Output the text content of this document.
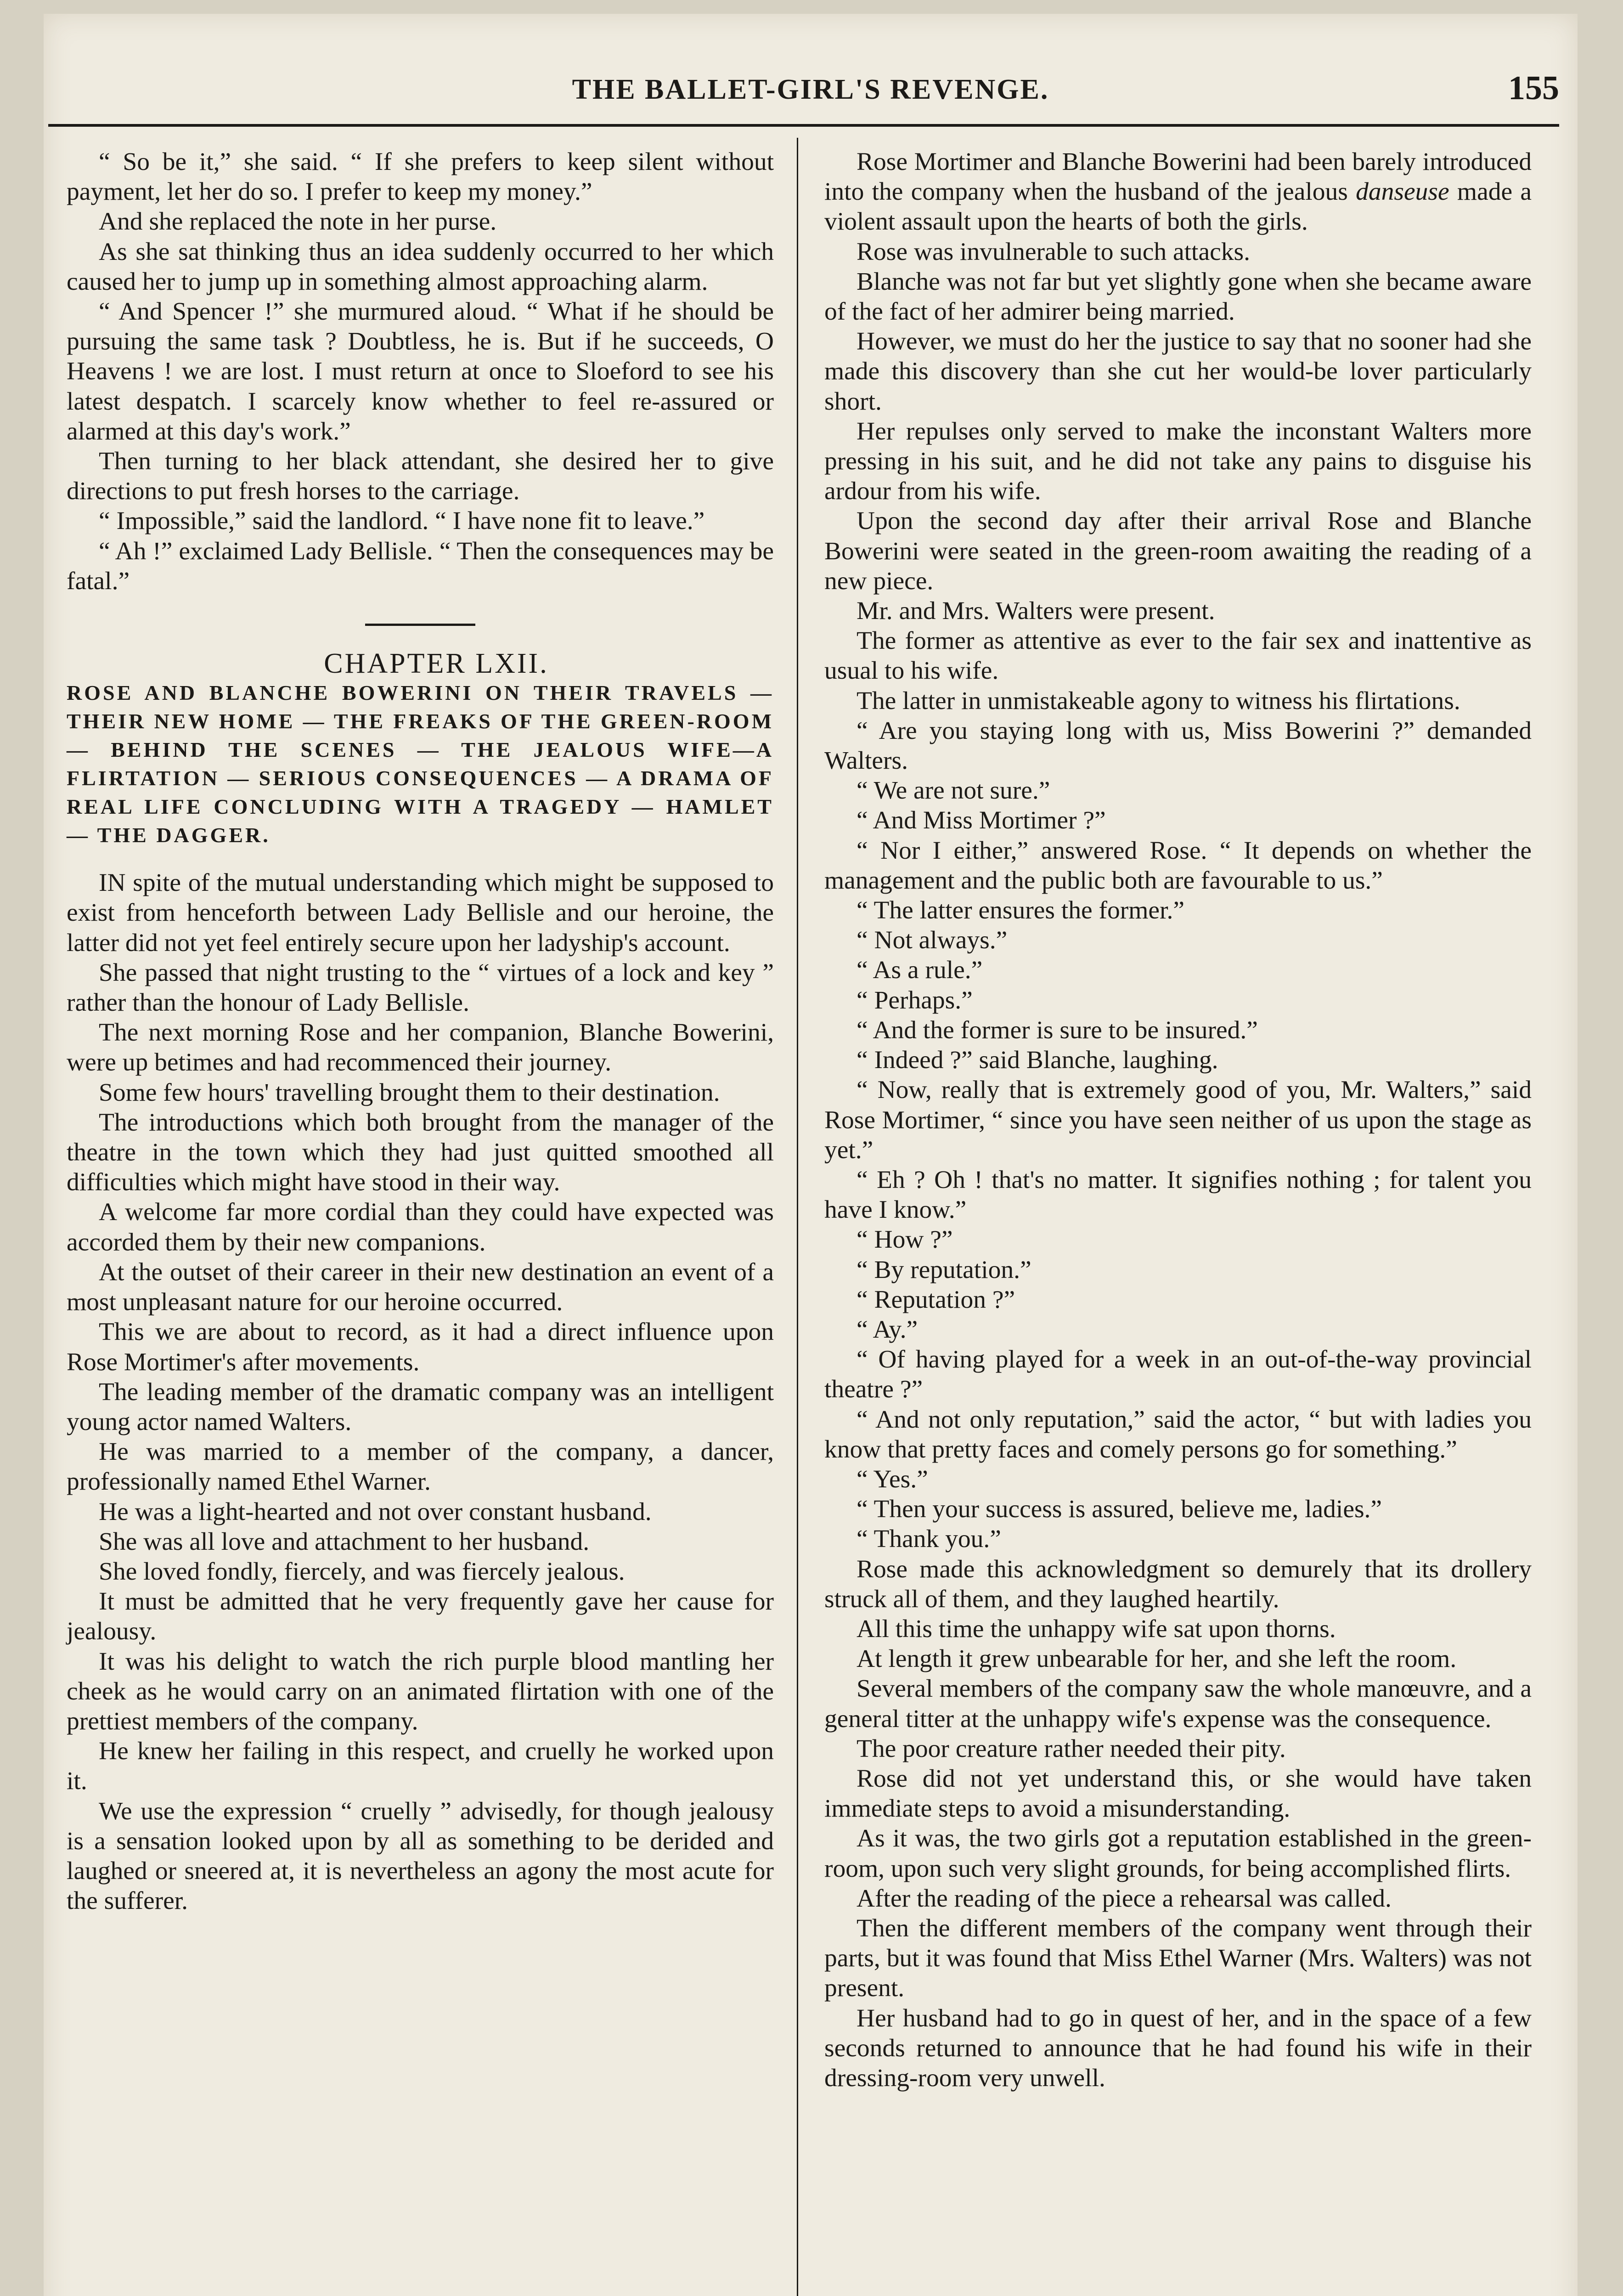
THE BALLET-GIRL'S REVENGE.	155

“ So be it,” she said. “ If she prefers to keep silent without payment, let her do so. I prefer to keep my money.”

And she replaced the note in her purse.

As she sat thinking thus an idea suddenly occurred to her which caused her to jump up in something almost approaching alarm.

“ And Spencer !” she murmured aloud. “ What if he should be pursuing the same task ? Doubtless, he is. But if he succeeds, O Heavens ! we are lost. I must return at once to Sloeford to see his latest despatch. I scarcely know whether to feel re-assured or alarmed at this day's work.”

Then turning to her black attendant, she desired her to give directions to put fresh horses to the carriage.

“ Impossible,” said the landlord. “ I have none fit to leave.”

“ Ah !” exclaimed Lady Bellisle. “ Then the consequences may be fatal.”

CHAPTER LXII.

ROSE AND BLANCHE BOWERINI ON THEIR TRAVELS — THEIR NEW HOME — THE FREAKS OF THE GREEN-ROOM — BEHIND THE SCENES — THE JEALOUS WIFE—A FLIRTATION — SERIOUS CONSEQUENCES — A DRAMA OF REAL LIFE CONCLUDING WITH A TRAGEDY — HAMLET — THE DAGGER.

IN spite of the mutual understanding which might be supposed to exist from henceforth between Lady Bellisle and our heroine, the latter did not yet feel entirely secure upon her ladyship's account.

She passed that night trusting to the “ virtues of a lock and key ” rather than the honour of Lady Bellisle.

The next morning Rose and her companion, Blanche Bowerini, were up betimes and had recommenced their journey.

Some few hours' travelling brought them to their destination.

The introductions which both brought from the manager of the theatre in the town which they had just quitted smoothed all difficulties which might have stood in their way.

A welcome far more cordial than they could have expected was accorded them by their new companions.

At the outset of their career in their new destination an event of a most unpleasant nature for our heroine occurred.

This we are about to record, as it had a direct influence upon Rose Mortimer's after movements.

The leading member of the dramatic company was an intelligent young actor named Walters.

He was married to a member of the company, a dancer, professionally named Ethel Warner.

He was a light-hearted and not over constant husband.

She was all love and attachment to her husband.

She loved fondly, fiercely, and was fiercely jealous.

It must be admitted that he very frequently gave her cause for jealousy.

It was his delight to watch the rich purple blood mantling her cheek as he would carry on an animated flirtation with one of the prettiest members of the company.

He knew her failing in this respect, and cruelly he worked upon it.

We use the expression “ cruelly ” advisedly, for though jealousy is a sensation looked upon by all as something to be derided and laughed or sneered at, it is nevertheless an agony the most acute for the sufferer.

Rose Mortimer and Blanche Bowerini had been barely introduced into the company when the husband of the jealous danseuse made a violent assault upon the hearts of both the girls.

Rose was invulnerable to such attacks.

Blanche was not far but yet slightly gone when she became aware of the fact of her admirer being married.

However, we must do her the justice to say that no sooner had she made this discovery than she cut her would-be lover particularly short.

Her repulses only served to make the inconstant Walters more pressing in his suit, and he did not take any pains to disguise his ardour from his wife.

Upon the second day after their arrival Rose and Blanche Bowerini were seated in the green-room awaiting the reading of a new piece.

Mr. and Mrs. Walters were present.

The former as attentive as ever to the fair sex and inattentive as usual to his wife.

The latter in unmistakeable agony to witness his flirtations.

“ Are you staying long with us, Miss Bowerini ?” demanded Walters.

“ We are not sure.”

“ And Miss Mortimer ?”

“ Nor I either,” answered Rose. “ It depends on whether the management and the public both are favourable to us.”

“ The latter ensures the former.”

“ Not always.”

“ As a rule.”

“ Perhaps.”

“ And the former is sure to be insured.”

“ Indeed ?” said Blanche, laughing.

“ Now, really that is extremely good of you, Mr. Walters,” said Rose Mortimer, “ since you have seen neither of us upon the stage as yet.”

“ Eh ? Oh ! that's no matter. It signifies nothing ; for talent you have I know.”

“ How ?”

“ By reputation.”

“ Reputation ?”

“ Ay.”

“ Of having played for a week in an out-of-the-way provincial theatre ?”

“ And not only reputation,” said the actor, “ but with ladies you know that pretty faces and comely persons go for something.”

“ Yes.”

“ Then your success is assured, believe me, ladies.”

“ Thank you.”

Rose made this acknowledgment so demurely that its drollery struck all of them, and they laughed heartily.

All this time the unhappy wife sat upon thorns.

At length it grew unbearable for her, and she left the room.

Several members of the company saw the whole manœuvre, and a general titter at the unhappy wife's expense was the consequence.

The poor creature rather needed their pity.

Rose did not yet understand this, or she would have taken immediate steps to avoid a misunderstanding.

As it was, the two girls got a reputation established in the green-room, upon such very slight grounds, for being accomplished flirts.

After the reading of the piece a rehearsal was called.

Then the different members of the company went through their parts, but it was found that Miss Ethel Warner (Mrs. Walters) was not present.

Her husband had to go in quest of her, and in the space of a few seconds returned to announce that he had found his wife in their dressing-room very unwell.
